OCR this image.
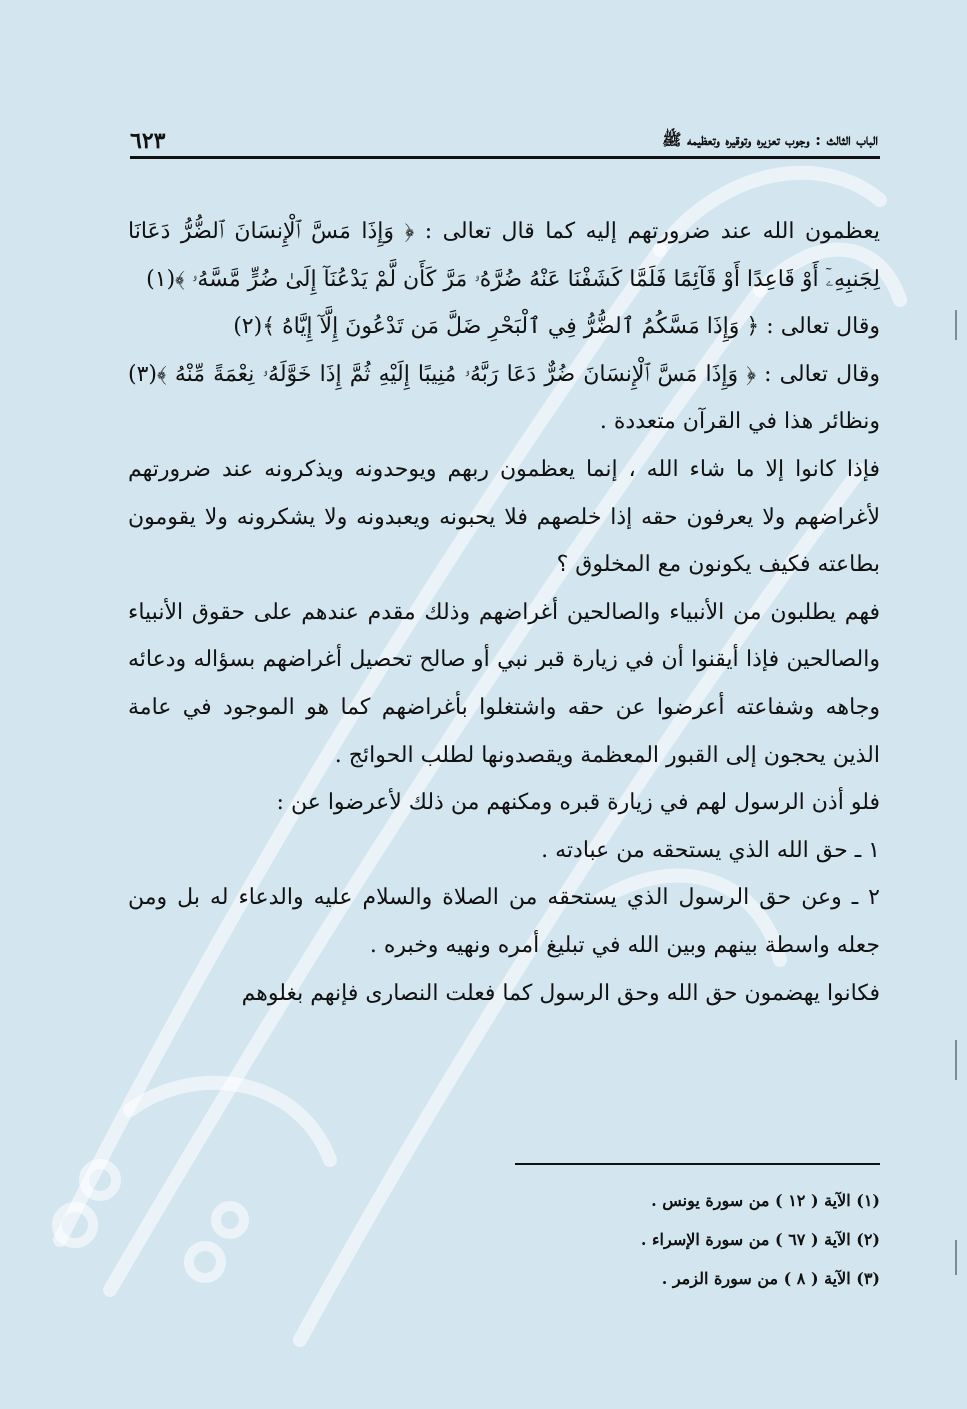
الباب الثالث : وجوب تعزيره وتوقيره وتعظيمه ﷺ
٦٢٣

يعظمون الله عند ضرورتهم إليه كما قال تعالى : ﴿ وَإِذَا مَسَّ ٱلْإِنسَانَ ٱلضُّرُّ دَعَانَا لِجَنبِهِۦٓ أَوْ قَاعِدًا أَوْ قَآئِمًا فَلَمَّا كَشَفْنَا عَنْهُ ضُرَّهُۥ مَرَّ كَأَن لَّمْ يَدْعُنَآ إِلَىٰ ضُرٍّ مَّسَّهُۥ ﴾(١)

وقال تعالى : ﴿ وَإِذَا مَسَّكُمُ ٱلضُّرُّ فِي ٱلْبَحْرِ ضَلَّ مَن تَدْعُونَ إِلَّآ إِيَّاهُ ﴾(٢)

وقال تعالى : ﴿ وَإِذَا مَسَّ ٱلْإِنسَانَ ضُرٌّ دَعَا رَبَّهُۥ مُنِيبًا إِلَيْهِ ثُمَّ إِذَا خَوَّلَهُۥ نِعْمَةً مِّنْهُ ﴾(٣) ونظائر هذا في القرآن متعددة .

فإذا كانوا إلا ما شاء الله ، إنما يعظمون ربهم ويوحدونه ويذكرونه عند ضرورتهم لأغراضهم ولا يعرفون حقه إذا خلصهم فلا يحبونه ويعبدونه ولا يشكرونه ولا يقومون بطاعته فكيف يكونون مع المخلوق ؟

فهم يطلبون من الأنبياء والصالحين أغراضهم وذلك مقدم عندهم على حقوق الأنبياء والصالحين فإذا أيقنوا أن في زيارة قبر نبي أو صالح تحصيل أغراضهم بسؤاله ودعائه وجاهه وشفاعته أعرضوا عن حقه واشتغلوا بأغراضهم كما هو الموجود في عامة الذين يحجون إلى القبور المعظمة ويقصدونها لطلب الحوائج .

فلو أذن الرسول لهم في زيارة قبره ومكنهم من ذلك لأعرضوا عن :

١ ـ حق الله الذي يستحقه من عبادته .

٢ ـ وعن حق الرسول الذي يستحقه من الصلاة والسلام عليه والدعاء له بل ومن جعله واسطة بينهم وبين الله في تبليغ أمره ونهيه وخبره .

فكانوا يهضمون حق الله وحق الرسول كما فعلت النصارى فإنهم بغلوهم

(١) الآية ( ١٢ ) من سورة يونس .
(٢) الآية ( ٦٧ ) من سورة الإسراء .
(٣) الآية ( ٨ ) من سورة الزمر .
